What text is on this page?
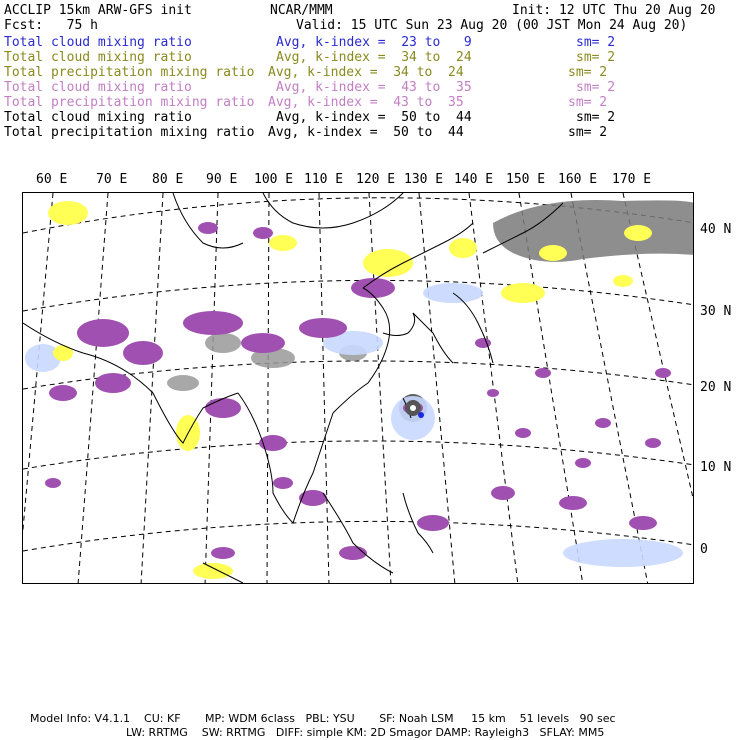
ACCLIP 15km ARW-GFS init	NCAR/MMM	Init: 12 UTC Thu 20 Aug 20
Fcst:   75 h	Valid: 15 UTC Sun 23 Aug 20 (00 JST Mon 24 Aug 20)
Total cloud mixing ratio	Avg, k-index =  23 to   9	sm= 2
Total cloud mixing ratio	Avg, k-index =  34 to  24	sm= 2
Total precipitation mixing ratio Avg, k-index =  34 to  24	sm= 2
Total cloud mixing ratio	Avg, k-index =  43 to  35	sm= 2
Total precipitation mixing ratio Avg, k-index =  43 to  35	sm= 2
Total cloud mixing ratio	Avg, k-index =  50 to  44	sm= 2
Total precipitation mixing ratio Avg, k-index =  50 to  44	sm= 2
60 E 70 E 80 E 90 E 100 E 110 E 120 E 130 E 140 E 150 E 160 E 170 E
40 N
30 N
20 N
10 N
0
Model Info: V4.1.1    CU: KF       MP: WDM 6class   PBL: YSU       SF: Noah LSM     15 km    51 levels   90 sec
LW: RRTMG    SW: RRTMG   DIFF: simple KM: 2D Smagor DAMP: Rayleigh3   SFLAY: MM5
